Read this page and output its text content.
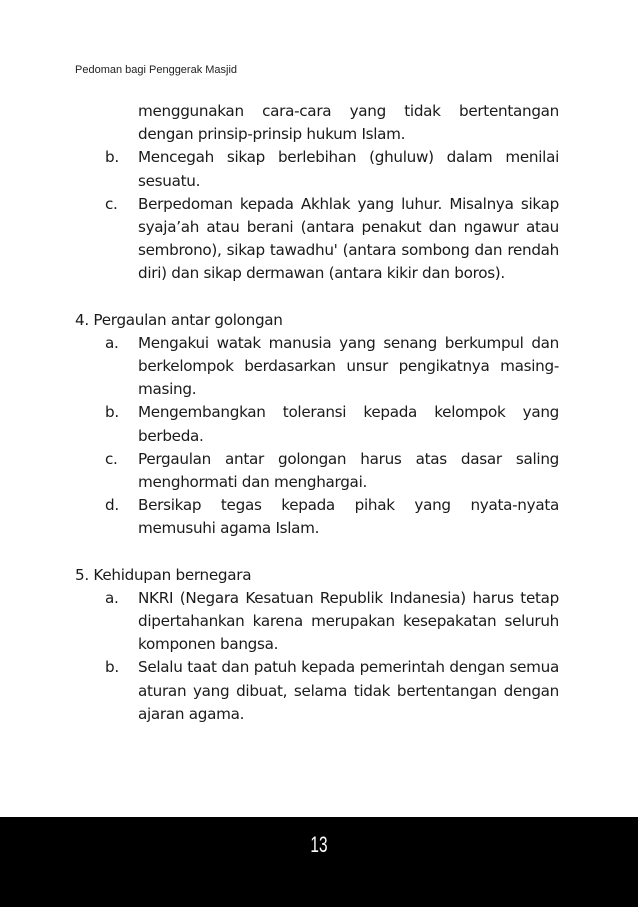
Pedoman bagi Penggerak Masjid
menggunakan cara-cara yang tidak bertentangan dengan prinsip-prinsip hukum Islam.
b. Mencegah sikap berlebihan (ghuluw) dalam menilai sesuatu.
c. Berpedoman kepada Akhlak yang luhur. Misalnya sikap syaja’ah atau berani (antara penakut dan ngawur atau sembrono), sikap tawadhu' (antara sombong dan rendah diri) dan sikap dermawan (antara kikir dan boros).
4. Pergaulan antar golongan
a. Mengakui watak manusia yang senang berkumpul dan berkelompok berdasarkan unsur pengikatnya masing-masing.
b. Mengembangkan toleransi kepada kelompok yang berbeda.
c. Pergaulan antar golongan harus atas dasar saling menghormati dan menghargai.
d. Bersikap tegas kepada pihak yang nyata-nyata memusuhi agama Islam.
5. Kehidupan bernegara
a. NKRI (Negara Kesatuan Republik Indanesia) harus tetap dipertahankan karena merupakan kesepakatan seluruh komponen bangsa.
b. Selalu taat dan patuh kepada pemerintah dengan semua aturan yang dibuat, selama tidak bertentangan dengan ajaran agama.
13
